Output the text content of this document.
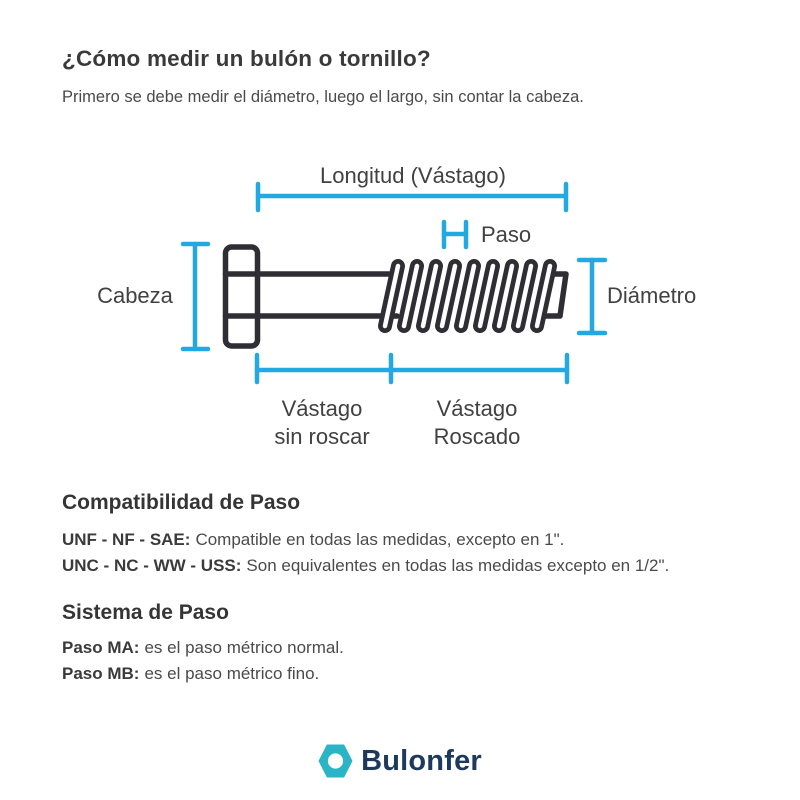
¿Cómo medir un bulón o tornillo?
Primero se debe medir el diámetro, luego el largo, sin contar la cabeza.
Longitud (Vástago)
Paso
Cabeza	Diámetro
Vástago
sin roscar
Vástago
Roscado
Compatibilidad de Paso
UNF - NF - SAE: Compatible en todas las medidas, excepto en 1".
UNC - NC - WW - USS: Son equivalentes en todas las medidas excepto en 1/2".
Sistema de Paso
Paso MA: es el paso métrico normal.
Paso MB: es el paso métrico fino.
Bulonfer
